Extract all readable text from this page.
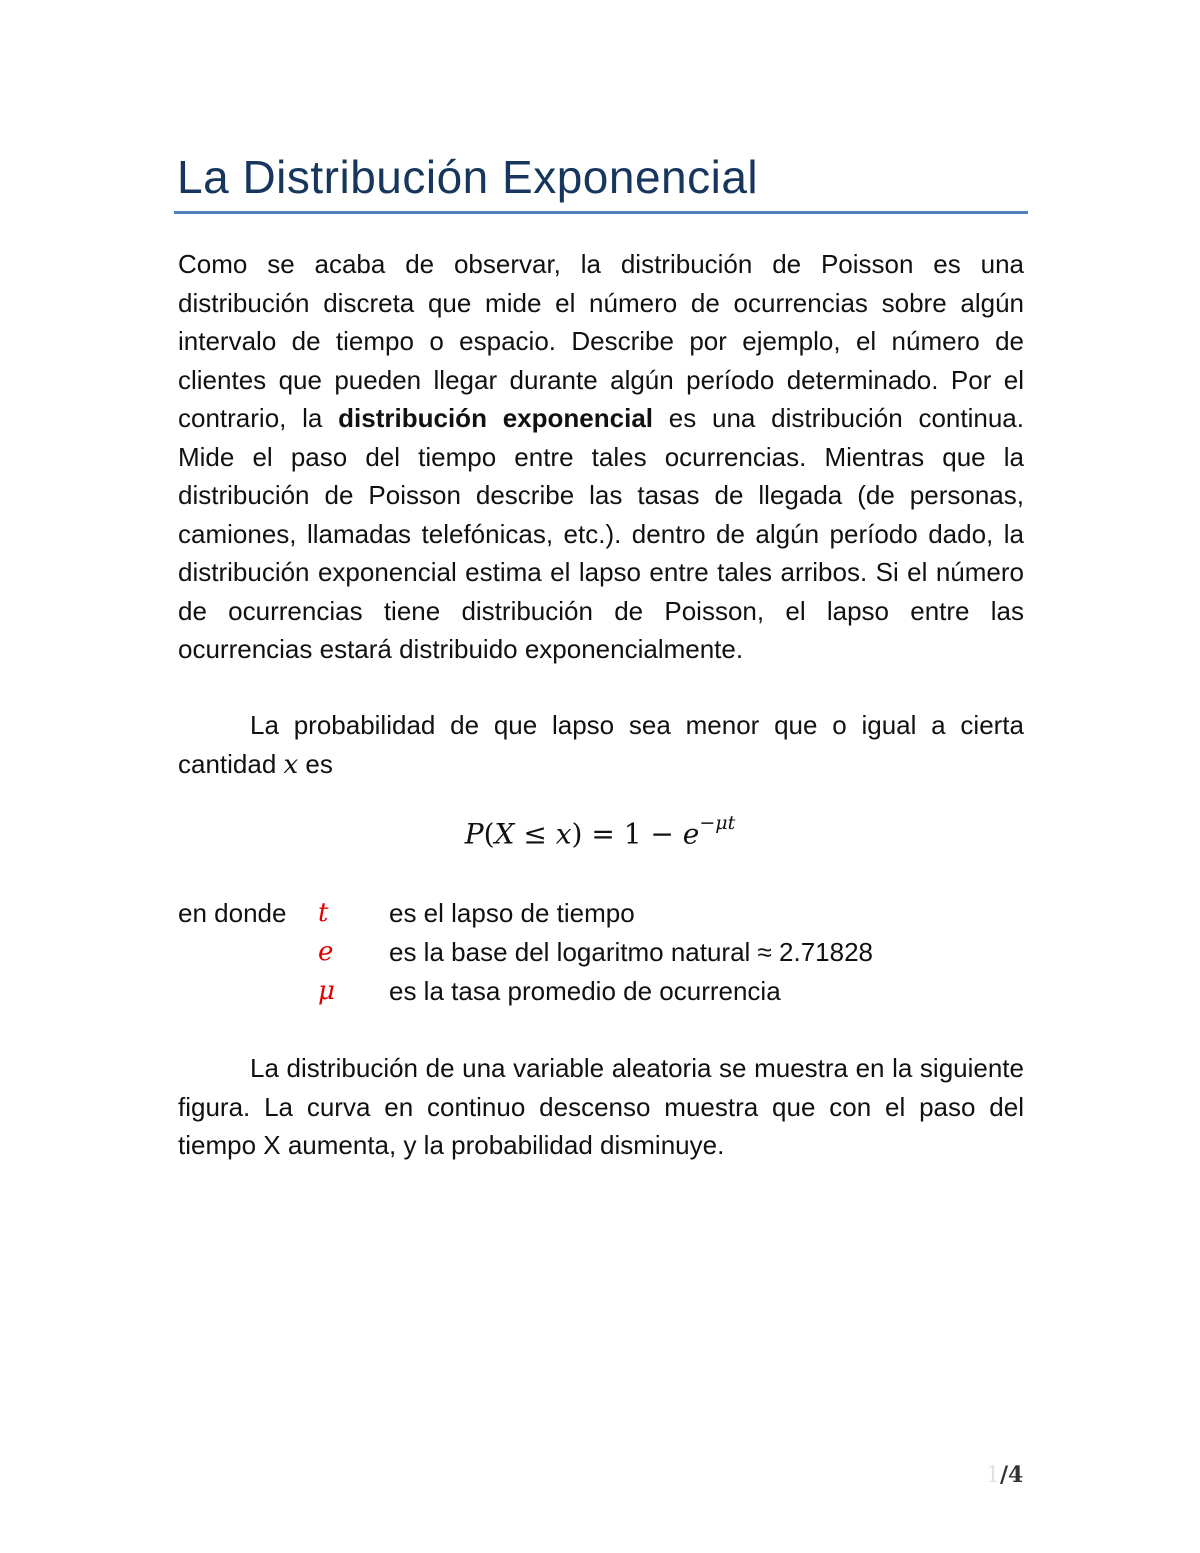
La Distribución Exponencial

Como se acaba de observar, la distribución de Poisson es una distribución discreta que mide el número de ocurrencias sobre algún intervalo de tiempo o espacio. Describe por ejemplo, el número de clientes que pueden llegar durante algún período determinado. Por el contrario, la distribución exponencial es una distribución continua. Mide el paso del tiempo entre tales ocurrencias. Mientras que la distribución de Poisson describe las tasas de llegada (de personas, camiones, llamadas telefónicas, etc.). dentro de algún período dado, la distribución exponencial estima el lapso entre tales arribos. Si el número de ocurrencias tiene distribución de Poisson, el lapso entre las ocurrencias estará distribuido exponencialmente.

La probabilidad de que lapso sea menor que o igual a cierta cantidad x es

$P(X \le x) = 1 - e^{-\mu t}$

en donde t es el lapso de tiempo
e es la base del logaritmo natural ≈ 2.71828
μ es la tasa promedio de ocurrencia

La distribución de una variable aleatoria se muestra en la siguiente figura. La curva en continuo descenso muestra que con el paso del tiempo X aumenta, y la probabilidad disminuye.

1/4
